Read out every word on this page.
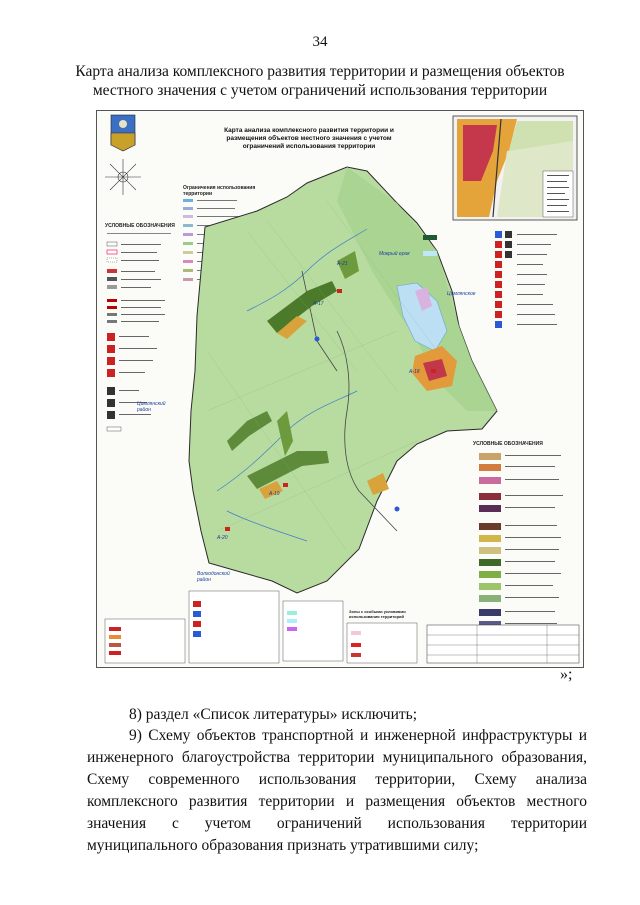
34
Карта анализа комплексного развития территории и размещения объектов местного значения с учетом ограничений использования территории
Карта анализа комплексного развития территории и размещения объектов местного значения с учетом ограничений использования территории
УСЛОВНЫЕ ОБОЗНАЧЕНИЯ
Ограничения использования территории
УСЛОВНЫЕ ОБОЗНАЧЕНИЯ
Зоны с особыми условиями использования территорий
А-17
А-18
А-19
А-20
А-21
Цимлянский район
Мокрый ерик
Волгодонской район
Цимлянское
»;
8) раздел «Список литературы» исключить;
9) Схему объектов транспортной и инженерной инфраструктуры и инженерного благоустройства территории муниципального образования, Схему современного использования территории, Схему анализа комплексного развития территории и размещения объектов местного значения с учетом ограничений использования территории муниципального образования признать утратившими силу;
